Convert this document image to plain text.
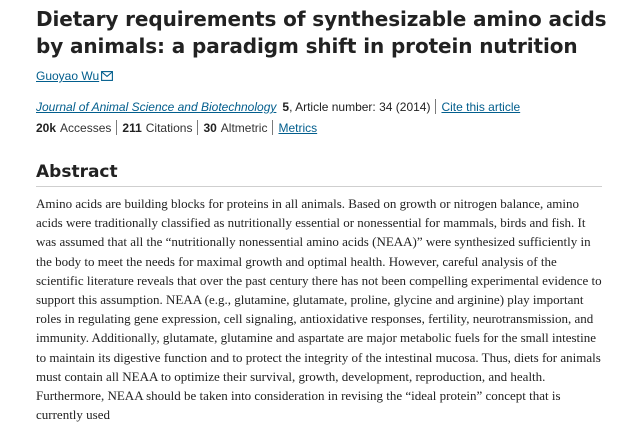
Dietary requirements of synthesizable amino acids by animals: a paradigm shift in protein nutrition
Guoyao Wu
Journal of Animal Science and Biotechnology 5, Article number: 34 (2014) Cite this article
20k Accesses 211 Citations 30 Altmetric Metrics
Abstract

Amino acids are building blocks for proteins in all animals. Based on growth or nitrogen balance, amino acids were traditionally classified as nutritionally essential or nonessential for mammals, birds and fish. It was assumed that all the “nutritionally nonessential amino acids (NEAA)” were synthesized sufficiently in the body to meet the needs for maximal growth and optimal health. However, careful analysis of the scientific literature reveals that over the past century there has not been compelling experimental evidence to support this assumption. NEAA (e.g., glutamine, glutamate, proline, glycine and arginine) play important roles in regulating gene expression, cell signaling, antioxidative responses, fertility, neurotransmission, and immunity. Additionally, glutamate, glutamine and aspartate are major metabolic fuels for the small intestine to maintain its digestive function and to protect the integrity of the intestinal mucosa. Thus, diets for animals must contain all NEAA to optimize their survival, growth, development, reproduction, and health. Furthermore, NEAA should be taken into consideration in revising the “ideal protein” concept that is currently used
